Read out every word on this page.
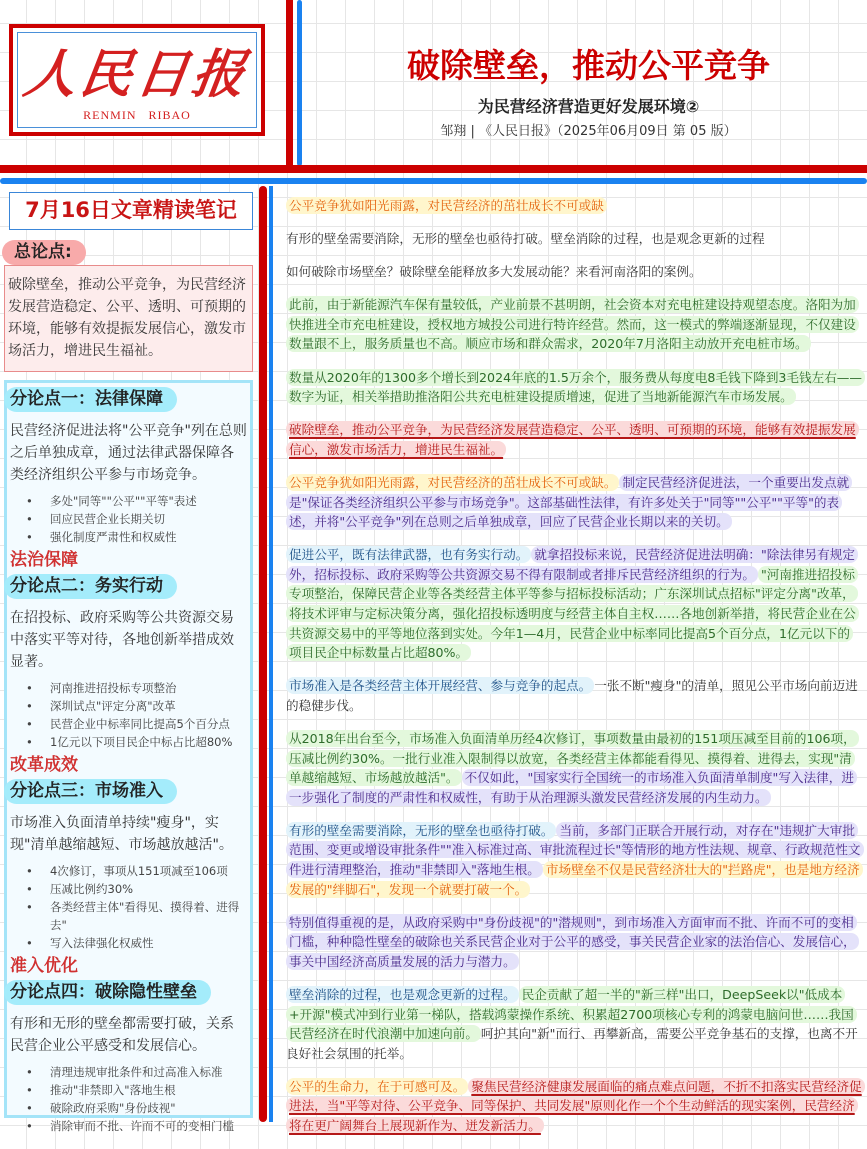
人民日报
RENMIN RIBAO
破除壁垒，推动公平竞争
为民营经济营造更好发展环境②
邹翔 | 《人民日报》（2025年06月09日 第 05 版）
7月16日文章精读笔记
总论点:
破除壁垒，推动公平竞争，为民营经济发展营造稳定、公平、透明、可预期的环境，能够有效提振发展信心，激发市场活力，增进民生福祉。
分论点一：法律保障
民营经济促进法将"公平竞争"列在总则之后单独成章，通过法律武器保障各类经济组织公平参与市场竞争。
• 多处"同等""公平""平等"表述
• 回应民营企业长期关切
• 强化制度严肃性和权威性
法治保障
分论点二：务实行动
在招投标、政府采购等公共资源交易中落实平等对待，各地创新举措成效显著。
• 河南推进招投标专项整治
• 深圳试点"评定分离"改革
• 民营企业中标率同比提高5个百分点
• 1亿元以下项目民企中标占比超80%
改革成效
分论点三：市场准入
市场准入负面清单持续"瘦身"，实现"清单越缩越短、市场越放越活"。
• 4次修订，事项从151项减至106项
• 压减比例约30%
• 各类经营主体"看得见、摸得着、进得去"
• 写入法律强化权威性
准入优化
分论点四：破除隐性壁垒
有形和无形的壁垒都需要打破，关系民营企业公平感受和发展信心。
• 清理违规审批条件和过高准入标准
• 推动"非禁即入"落地生根
• 破除政府采购"身份歧视"
• 消除审而不批、许而不可的变相门槛

公平竞争犹如阳光雨露，对民营经济的茁壮成长不可或缺

有形的壁垒需要消除，无形的壁垒也亟待打破。壁垒消除的过程，也是观念更新的过程

如何破除市场壁垒？破除壁垒能释放多大发展动能？来看河南洛阳的案例。

此前，由于新能源汽车保有量较低，产业前景不甚明朗，社会资本对充电桩建设持观望态度。洛阳为加快推进全市充电桩建设，授权地方城投公司进行特许经营。然而，这一模式的弊端逐渐显现，不仅建设数量跟不上，服务质量也不高。顺应市场和群众需求，2020年7月洛阳主动放开充电桩市场。

数量从2020年的1300多个增长到2024年底的1.5万余个，服务费从每度电8毛钱下降到3毛钱左右——数字为证，相关举措助推洛阳公共充电桩建设提质增速，促进了当地新能源汽车市场发展。

破除壁垒，推动公平竞争，为民营经济发展营造稳定、公平、透明、可预期的环境，能够有效提振发展信心，激发市场活力，增进民生福祉。

公平竞争犹如阳光雨露，对民营经济的茁壮成长不可或缺。 制定民营经济促进法，一个重要出发点就是"保证各类经济组织公平参与市场竞争"。这部基础性法律，有许多处关于"同等""公平""平等"的表述，并将"公平竞争"列在总则之后单独成章，回应了民营企业长期以来的关切。

促进公平，既有法律武器，也有务实行动。 就拿招投标来说，民营经济促进法明确："除法律另有规定外，招标投标、政府采购等公共资源交易不得有限制或者排斥民营经济组织的行为。 "河南推进招投标专项整治，保障民营企业等各类经营主体平等参与招标投标活动；广东深圳试点招标"评定分离"改革，将技术评审与定标决策分离，强化招投标透明度与经营主体自主权……各地创新举措，将民营企业在公共资源交易中的平等地位落到实处。今年1—4月，民营企业中标率同比提高5个百分点，1亿元以下的项目民企中标数量占比超80%。

市场准入是各类经营主体开展经营、参与竞争的起点。 一张不断"瘦身"的清单，照见公平市场向前迈进的稳健步伐。

从2018年出台至今，市场准入负面清单历经4次修订，事项数量由最初的151项压减至目前的106项，压减比例约30%。一批行业准入限制得以放宽，各类经营主体都能看得见、摸得着、进得去，实现"清单越缩越短、市场越放越活"。 不仅如此，"国家实行全国统一的市场准入负面清单制度"写入法律，进一步强化了制度的严肃性和权威性，有助于从治理源头激发民营经济发展的内生动力。

有形的壁垒需要消除，无形的壁垒也亟待打破。 当前，多部门正联合开展行动，对存在"违规扩大审批范围、变更或增设审批条件""准入标准过高、审批流程过长"等情形的地方性法规、规章、行政规范性文件进行清理整治，推动"非禁即入"落地生根。 市场壁垒不仅是民营经济壮大的"拦路虎"，也是地方经济发展的"绊脚石"，发现一个就要打破一个。

特别值得重视的是，从政府采购中"身份歧视"的"潜规则"，到市场准入方面审而不批、许而不可的变相门槛，种种隐性壁垒的破除也关系民营企业对于公平的感受，事关民营企业家的法治信心、发展信心，事关中国经济高质量发展的活力与潜力。

壁垒消除的过程，也是观念更新的过程。 民企贡献了超一半的"新三样"出口，DeepSeek以"低成本+开源"模式冲到行业第一梯队，搭载鸿蒙操作系统、积累超2700项核心专利的鸿蒙电脑问世……我国民营经济在时代浪潮中加速向前。 呵护其向"新"而行、再攀新高，需要公平竞争基石的支撑，也离不开良好社会氛围的托举。

公平的生命力，在于可感可及。 聚焦民营经济健康发展面临的痛点难点问题，不折不扣落实民营经济促进法，当"平等对待、公平竞争、同等保护、共同发展"原则化作一个个生动鲜活的现实案例，民营经济将在更广阔舞台上展现新作为、迸发新活力。
